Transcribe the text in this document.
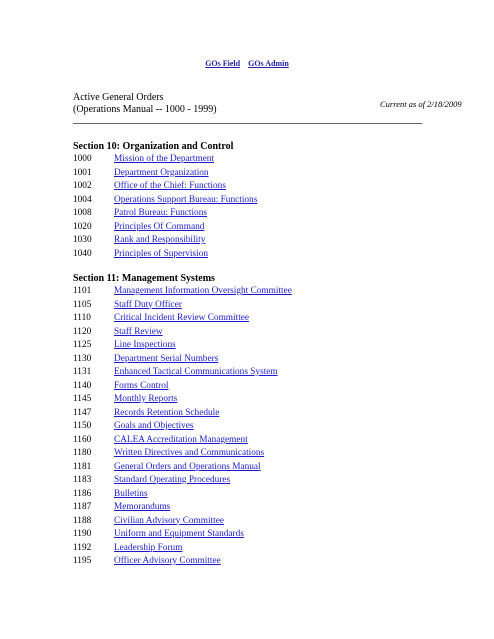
GOs Field GOs Admin
Active General Orders
(Operations Manual -- 1000 - 1999)	Current as of 2/18/2009
Section 10: Organization and Control
1000 Mission of the Department
1001 Department Organization
1002 Office of the Chief: Functions
1004 Operations Support Bureau: Functions
1008 Patrol Bureau: Functions
1020 Principles Of Command
1030 Rank and Responsibility
1040 Principles of Supervision
Section 11: Management Systems
1101 Management Information Oversight Committee
1105 Staff Duty Officer
1110 Critical Incident Review Committee
1120 Staff Review
1125 Line Inspections
1130 Department Serial Numbers
1131 Enhanced Tactical Communications System
1140 Forms Control
1145 Monthly Reports
1147 Records Retention Schedule
1150 Goals and Objectives
1160 CALEA Accreditation Management
1180 Written Directives and Communications
1181 General Orders and Operations Manual
1183 Standard Operating Procedures
1186 Bulletins
1187 Memorandums
1188 Civilian Advisory Committee
1190 Uniform and Equipment Standards
1192 Leadership Forum
1195 Officer Advisory Committee
